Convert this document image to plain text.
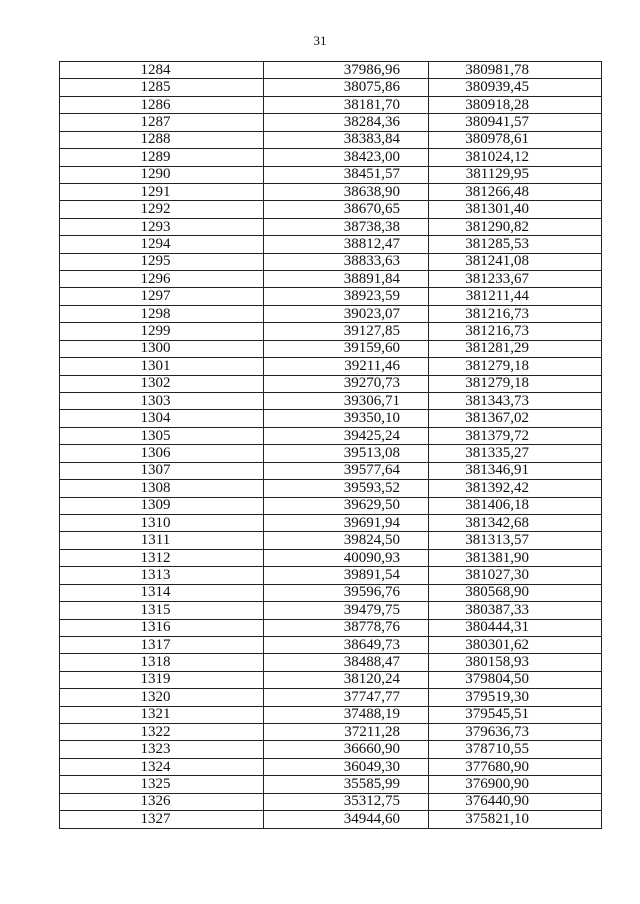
31
1284	37986,96	380981,78
1285	38075,86	380939,45
1286	38181,70	380918,28
1287	38284,36	380941,57
1288	38383,84	380978,61
1289	38423,00	381024,12
1290	38451,57	381129,95
1291	38638,90	381266,48
1292	38670,65	381301,40
1293	38738,38	381290,82
1294	38812,47	381285,53
1295	38833,63	381241,08
1296	38891,84	381233,67
1297	38923,59	381211,44
1298	39023,07	381216,73
1299	39127,85	381216,73
1300	39159,60	381281,29
1301	39211,46	381279,18
1302	39270,73	381279,18
1303	39306,71	381343,73
1304	39350,10	381367,02
1305	39425,24	381379,72
1306	39513,08	381335,27
1307	39577,64	381346,91
1308	39593,52	381392,42
1309	39629,50	381406,18
1310	39691,94	381342,68
1311	39824,50	381313,57
1312	40090,93	381381,90
1313	39891,54	381027,30
1314	39596,76	380568,90
1315	39479,75	380387,33
1316	38778,76	380444,31
1317	38649,73	380301,62
1318	38488,47	380158,93
1319	38120,24	379804,50
1320	37747,77	379519,30
1321	37488,19	379545,51
1322	37211,28	379636,73
1323	36660,90	378710,55
1324	36049,30	377680,90
1325	35585,99	376900,90
1326	35312,75	376440,90
1327	34944,60	375821,10
